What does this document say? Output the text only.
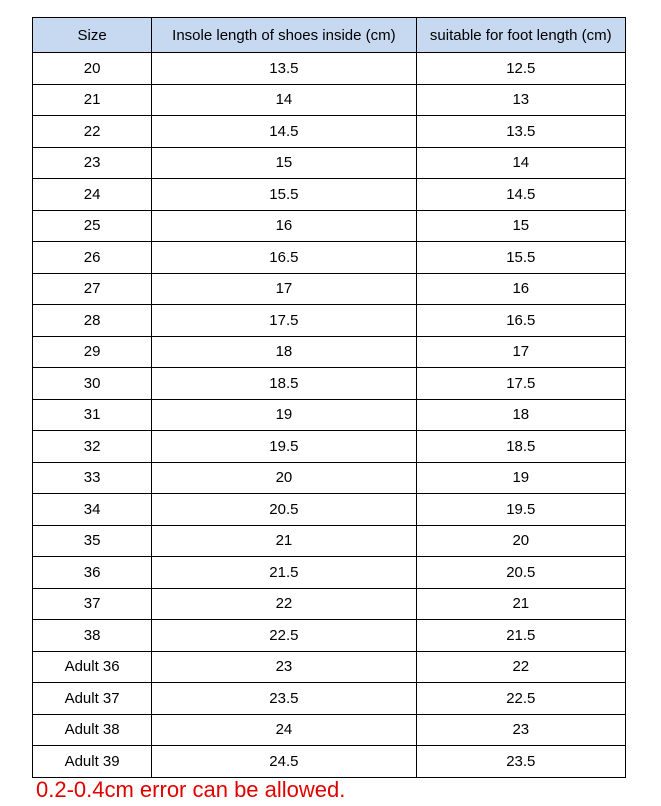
Size	Insole length of shoes inside (cm)	suitable for foot length (cm)
20	13.5	12.5
21	14	13
22	14.5	13.5
23	15	14
24	15.5	14.5
25	16	15
26	16.5	15.5
27	17	16
28	17.5	16.5
29	18	17
30	18.5	17.5
31	19	18
32	19.5	18.5
33	20	19
34	20.5	19.5
35	21	20
36	21.5	20.5
37	22	21
38	22.5	21.5
Adult 36	23	22
Adult 37	23.5	22.5
Adult 38	24	23
Adult 39	24.5	23.5
0.2-0.4cm error can be allowed.
